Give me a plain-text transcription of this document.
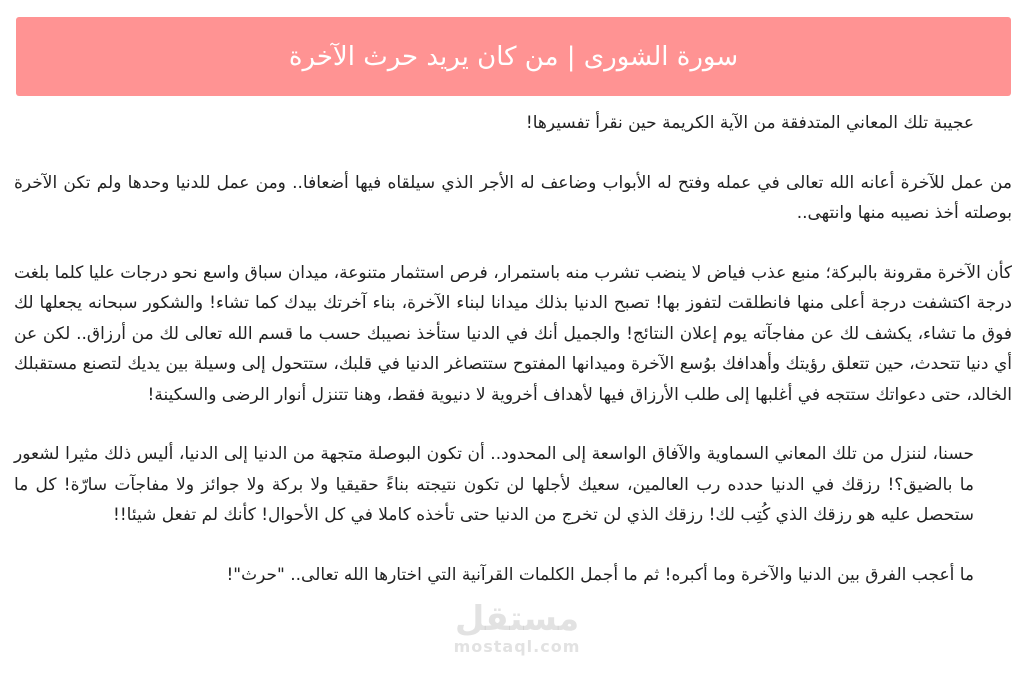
سورة الشورى | من كان يريد حرث الآخرة

عجيبة تلك المعاني المتدفقة من الآية الكريمة حين نقرأ تفسيرها!

من عمل للآخرة أعانه الله تعالى في عمله وفتح له الأبواب وضاعف له الأجر الذي سيلقاه فيها أضعافا.. ومن عمل للدنيا وحدها ولم تكن الآخرة بوصلته أخذ نصيبه منها وانتهى..

كأن الآخرة مقرونة بالبركة؛ منبع عذب فياض لا ينضب تشرب منه باستمرار، فرص استثمار متنوعة، ميدان سباق واسع نحو درجات عليا كلما بلغت درجة اكتشفت درجة أعلى منها فانطلقت لتفوز بها! تصبح الدنيا بذلك ميدانا لبناء الآخرة، بناء آخرتك بيدك كما تشاء! والشكور سبحانه يجعلها لك فوق ما تشاء، يكشف لك عن مفاجآته يوم إعلان النتائج! والجميل أنك في الدنيا ستأخذ نصيبك حسب ما قسم الله تعالى لك من أرزاق.. لكن عن أي دنيا تتحدث، حين تتعلق رؤيتك وأهدافك بوُسع الآخرة وميدانها المفتوح ستتصاغر الدنيا في قلبك، ستتحول إلى وسيلة بين يديك لتصنع مستقبلك الخالد، حتى دعواتك ستتجه في أغلبها إلى طلب الأرزاق فيها لأهداف أخروية لا دنيوية فقط، وهنا تتنزل أنوار الرضى والسكينة!

حسنا، لننزل من تلك المعاني السماوية والآفاق الواسعة إلى المحدود.. أن تكون البوصلة متجهة من الدنيا إلى الدنيا، أليس ذلك مثيرا لشعور ما بالضيق؟! رزقك في الدنيا حدده رب العالمين، سعيك لأجلها لن تكون نتيجته بناءً حقيقيا ولا بركة ولا جوائز ولا مفاجآت سارّة! كل ما ستحصل عليه هو رزقك الذي كُتِب لك! رزقك الذي لن تخرج من الدنيا حتى تأخذه كاملا في كل الأحوال! كأنك لم تفعل شيئا!!

ما أعجب الفرق بين الدنيا والآخرة وما أكبره! ثم ما أجمل الكلمات القرآنية التي اختارها الله تعالى.. "حرث"!

مستقل
mostaql.com
